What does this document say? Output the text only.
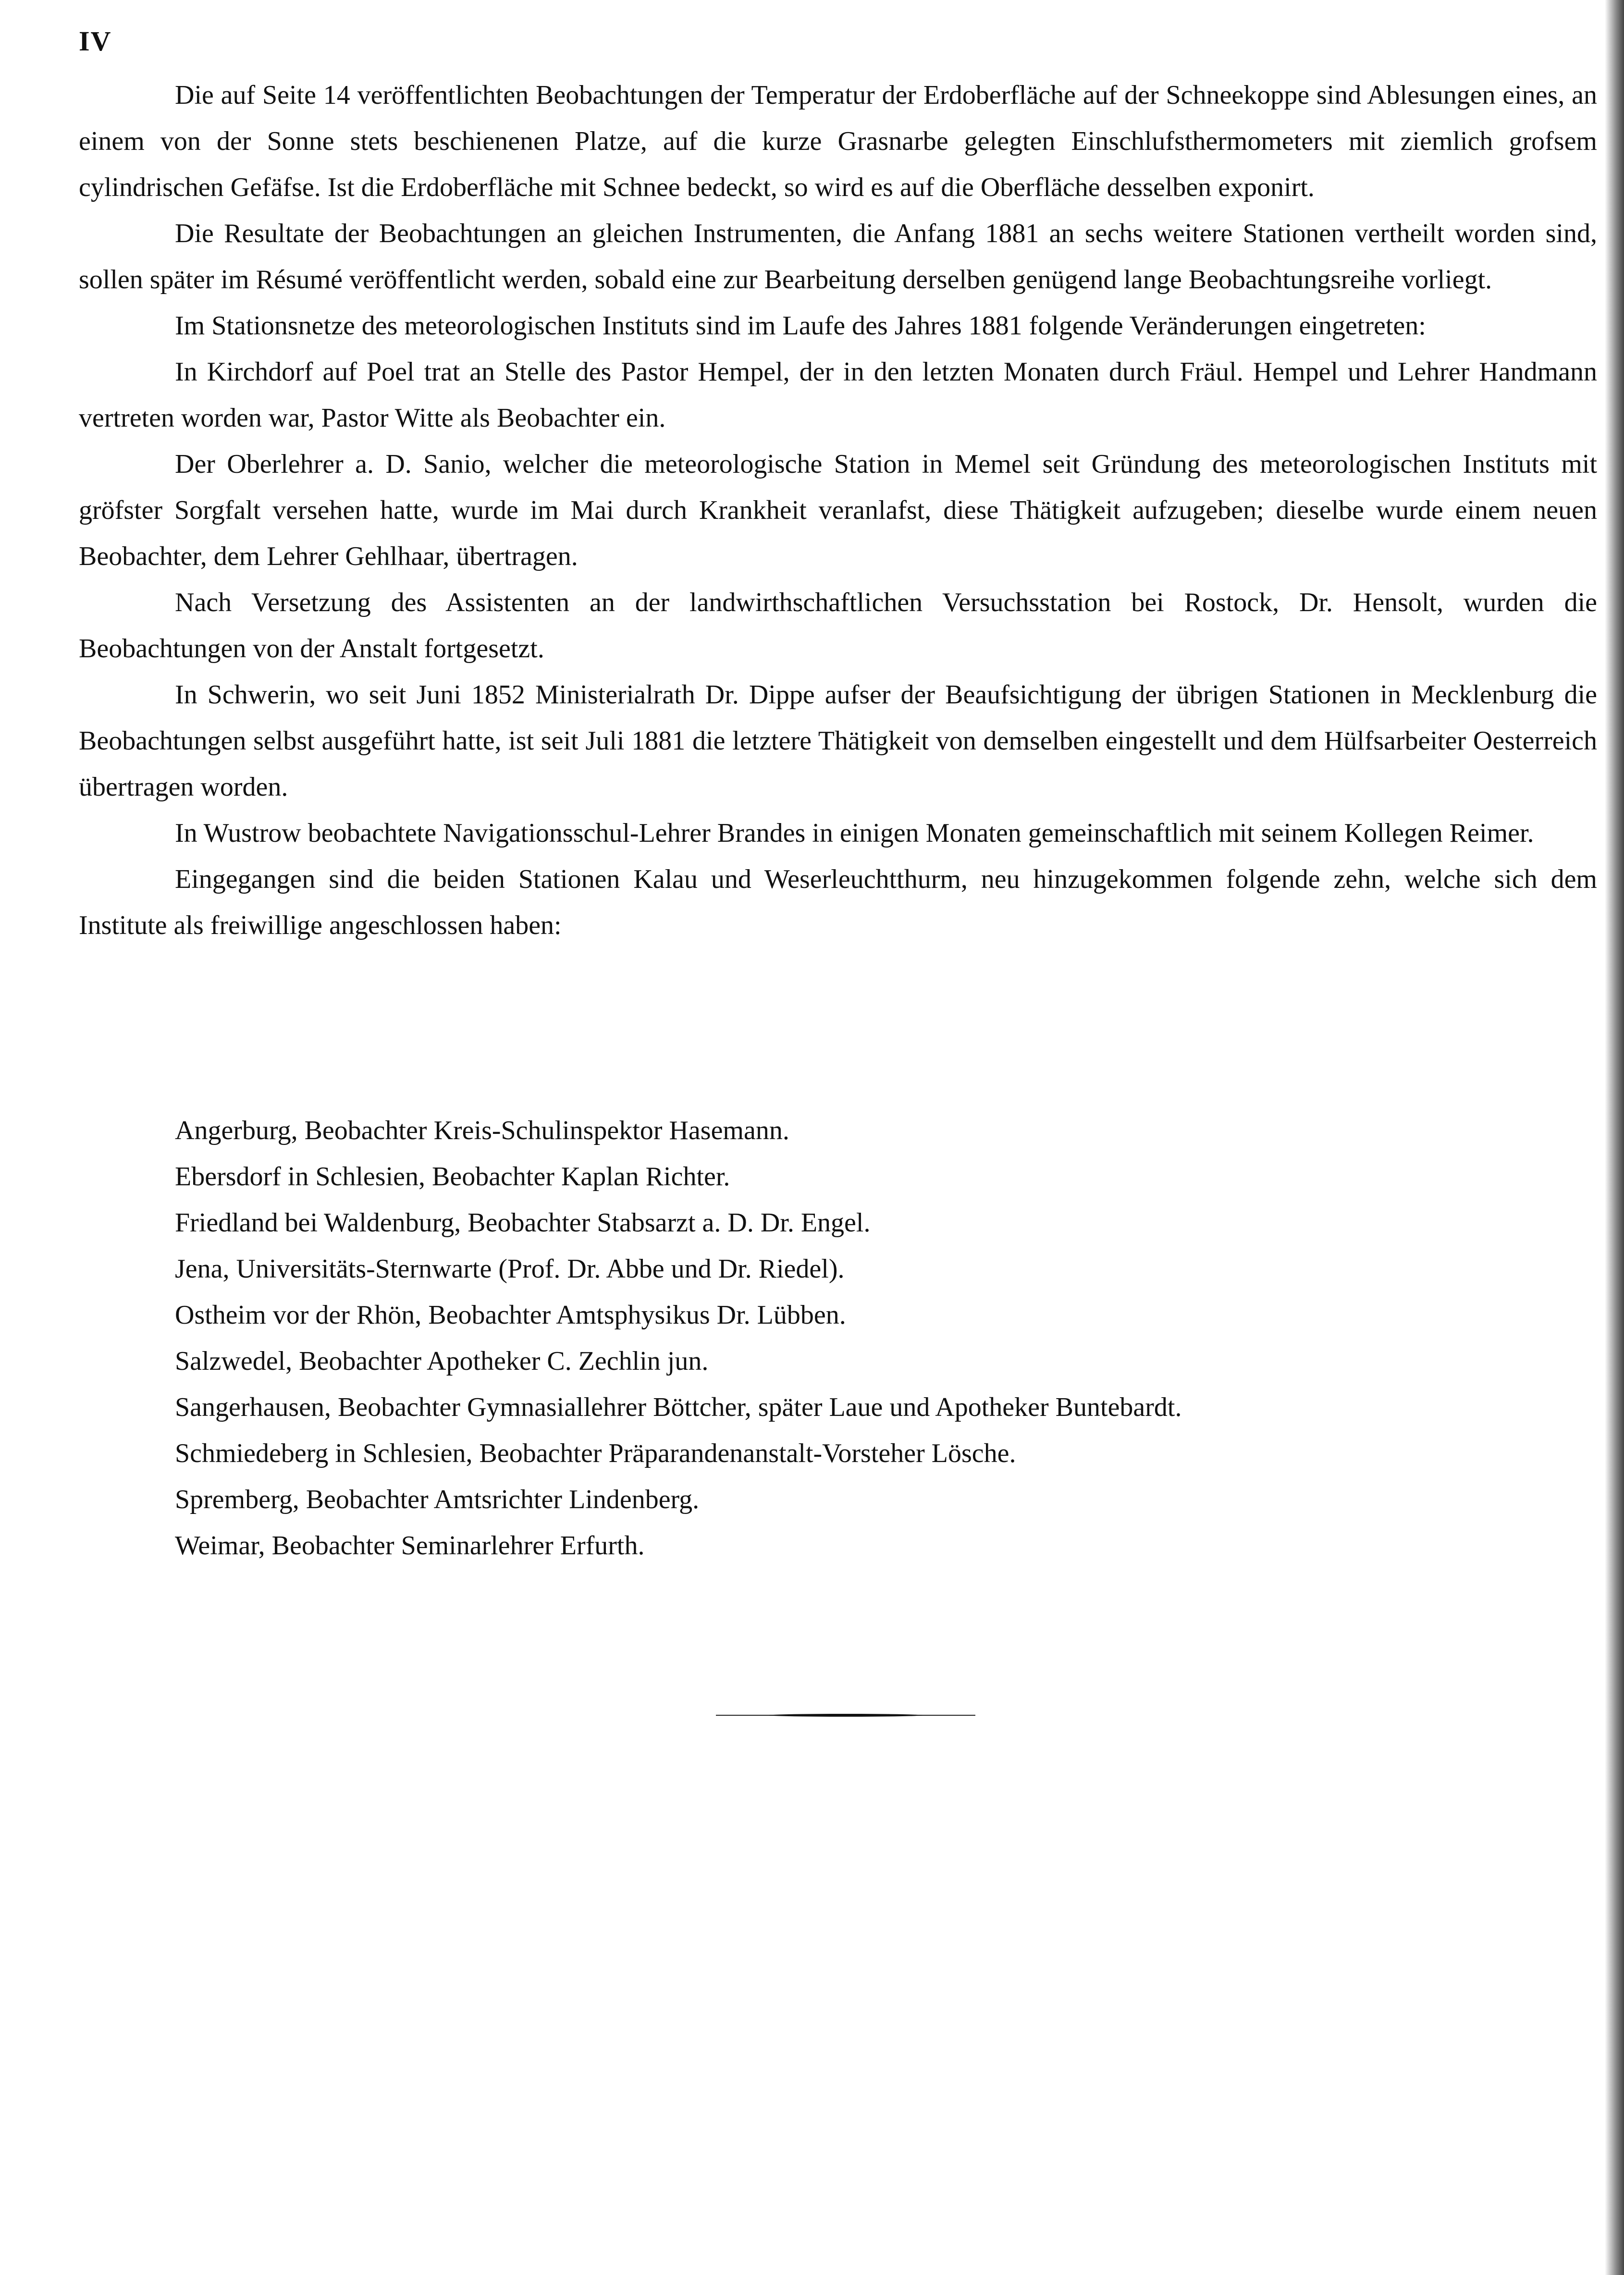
IV

Die auf Seite 14 veröffentlichten Beobachtungen der Temperatur der Erdoberfläche auf der Schneekoppe sind Ablesungen eines, an einem von der Sonne stets beschienenen Platze, auf die kurze Grasnarbe gelegten Einschlufsthermometers mit ziemlich grofsem cylindrischen Gefäfse. Ist die Erdoberfläche mit Schnee bedeckt, so wird es auf die Oberfläche desselben exponirt.

Die Resultate der Beobachtungen an gleichen Instrumenten, die Anfang 1881 an sechs weitere Stationen vertheilt worden sind, sollen später im Résumé veröffentlicht werden, sobald eine zur Bearbeitung derselben genügend lange Beobachtungsreihe vorliegt.

Im Stationsnetze des meteorologischen Instituts sind im Laufe des Jahres 1881 folgende Veränderungen eingetreten:

In Kirchdorf auf Poel trat an Stelle des Pastor Hempel, der in den letzten Monaten durch Fräul. Hempel und Lehrer Handmann vertreten worden war, Pastor Witte als Beobachter ein.

Der Oberlehrer a. D. Sanio, welcher die meteorologische Station in Memel seit Gründung des meteorologischen Instituts mit gröfster Sorgfalt versehen hatte, wurde im Mai durch Krankheit veranlafst, diese Thätigkeit aufzugeben; dieselbe wurde einem neuen Beobachter, dem Lehrer Gehlhaar, übertragen.

Nach Versetzung des Assistenten an der landwirthschaftlichen Versuchsstation bei Rostock, Dr. Hensolt, wurden die Beobachtungen von der Anstalt fortgesetzt.

In Schwerin, wo seit Juni 1852 Ministerialrath Dr. Dippe aufser der Beaufsichtigung der übrigen Stationen in Mecklenburg die Beobachtungen selbst ausgeführt hatte, ist seit Juli 1881 die letztere Thätigkeit von demselben eingestellt und dem Hülfsarbeiter Oesterreich übertragen worden.

In Wustrow beobachtete Navigationsschul-Lehrer Brandes in einigen Monaten gemeinschaftlich mit seinem Kollegen Reimer.

Eingegangen sind die beiden Stationen Kalau und Weserleuchtthurm, neu hinzugekommen folgende zehn, welche sich dem Institute als freiwillige angeschlossen haben:

Angerburg, Beobachter Kreis-Schulinspektor Hasemann.
Ebersdorf in Schlesien, Beobachter Kaplan Richter.
Friedland bei Waldenburg, Beobachter Stabsarzt a. D. Dr. Engel.
Jena, Universitäts-Sternwarte (Prof. Dr. Abbe und Dr. Riedel).
Ostheim vor der Rhön, Beobachter Amtsphysikus Dr. Lübben.
Salzwedel, Beobachter Apotheker C. Zechlin jun.
Sangerhausen, Beobachter Gymnasiallehrer Böttcher, später Laue und Apotheker Buntebardt.
Schmiedeberg in Schlesien, Beobachter Präparandenanstalt-Vorsteher Lösche.
Spremberg, Beobachter Amtsrichter Lindenberg.
Weimar, Beobachter Seminarlehrer Erfurth.
